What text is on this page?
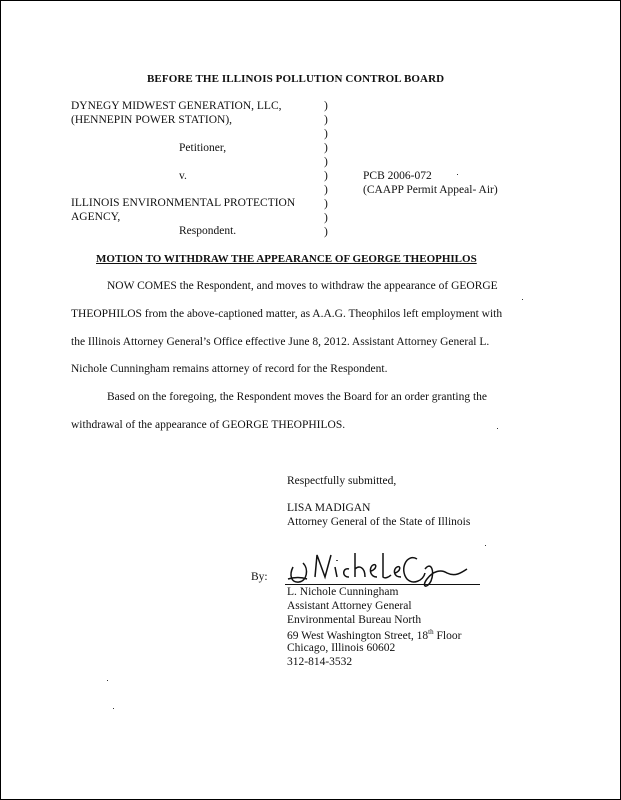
BEFORE THE ILLINOIS POLLUTION CONTROL BOARD
DYNEGY MIDWEST GENERATION, LLC,
(HENNEPIN POWER STATION),
Petitioner,
v.
ILLINOIS ENVIRONMENTAL PROTECTION
AGENCY,
Respondent.
)
)
)
)
)
)
)
)
)
)
PCB 2006-072
(CAAPP Permit Appeal- Air)
MOTION TO WITHDRAW THE APPEARANCE OF GEORGE THEOPHILOS
NOW COMES the Respondent, and moves to withdraw the appearance of GEORGE
THEOPHILOS from the above-captioned matter, as A.A.G. Theophilos left employment with
the Illinois Attorney General’s Office effective June 8, 2012. Assistant Attorney General L.
Nichole Cunningham remains attorney of record for the Respondent.
Based on the foregoing, the Respondent moves the Board for an order granting the
withdrawal of the appearance of GEORGE THEOPHILOS.
Respectfully submitted,
LISA MADIGAN
Attorney General of the State of Illinois
By:
L. Nichole Cunningham
Assistant Attorney General
Environmental Bureau North
69 West Washington Street, 18th Floor
Chicago, Illinois 60602
312-814-3532
